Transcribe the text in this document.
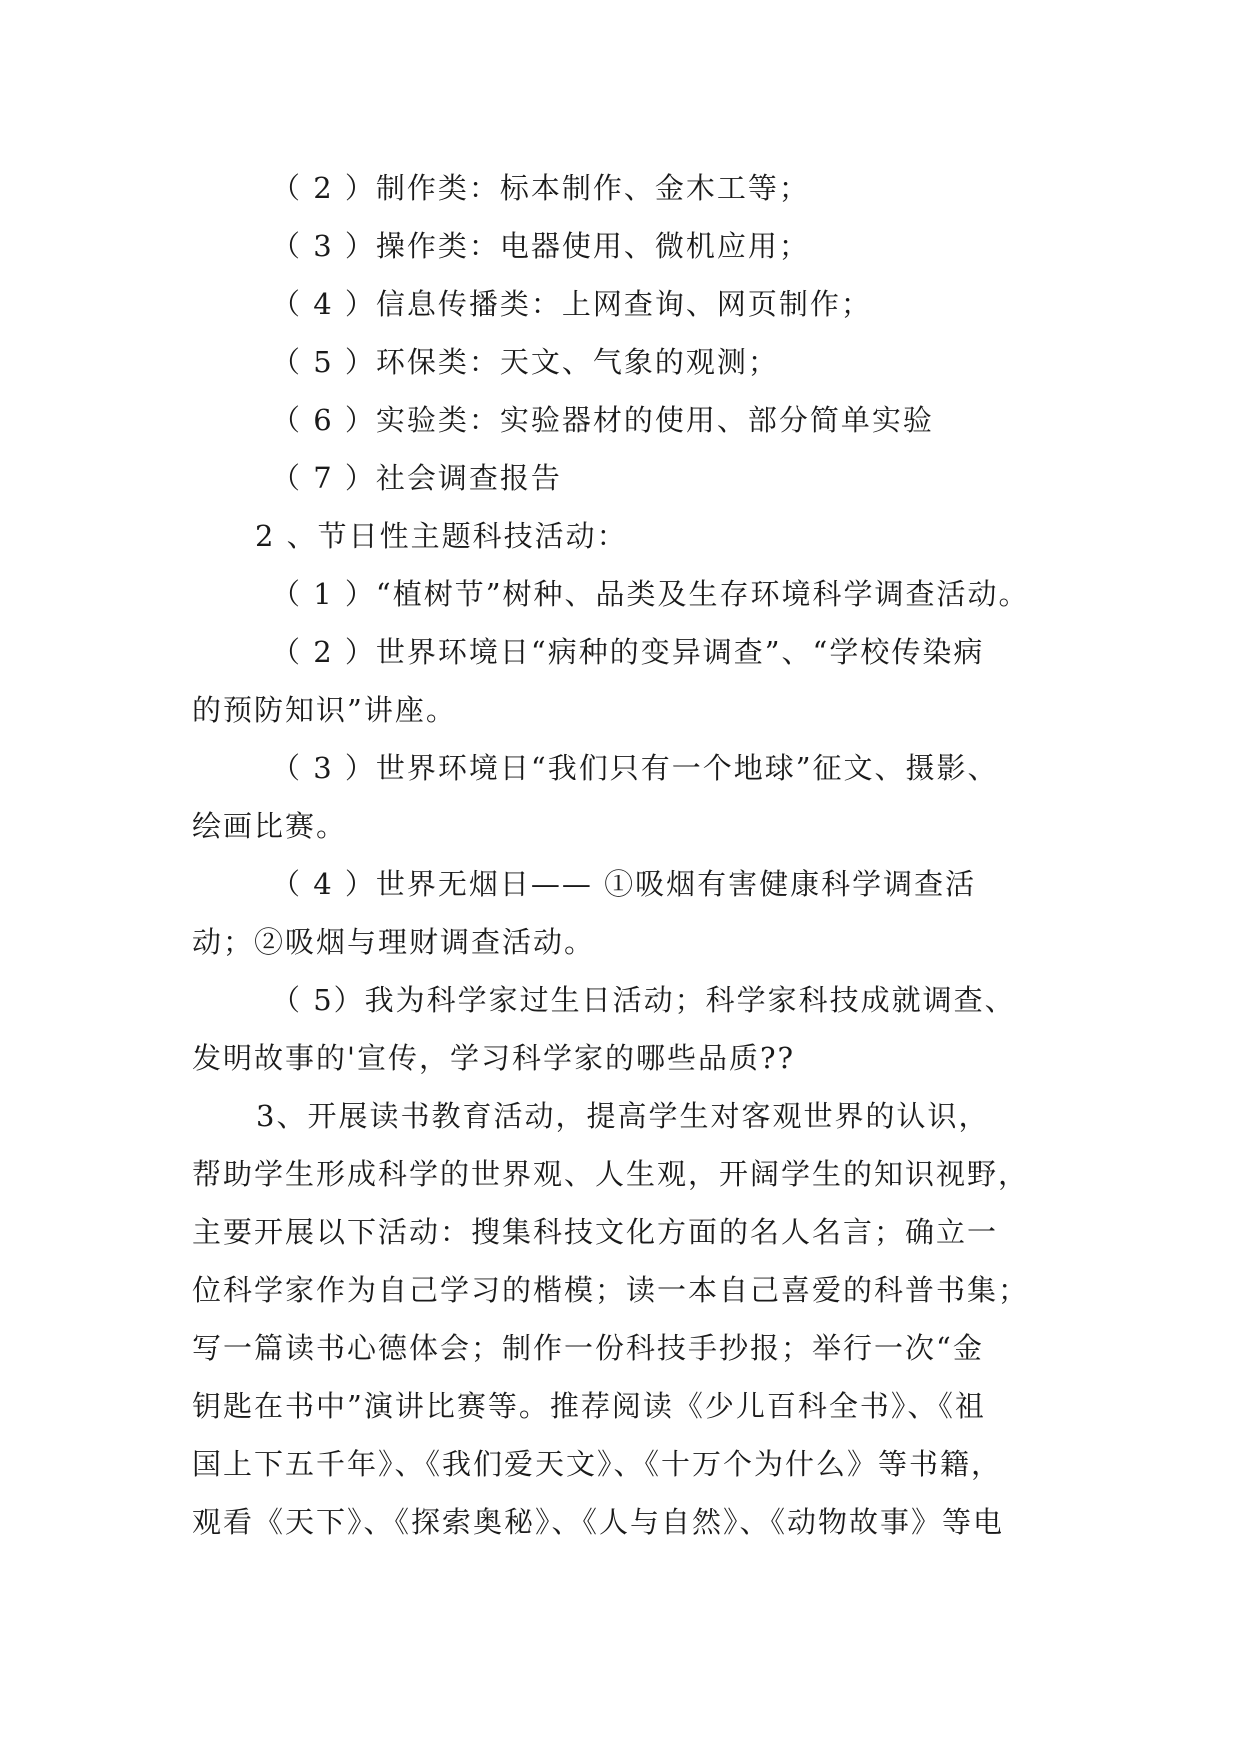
（ 2 ）制作类：标本制作、金木工等；
（ 3 ）操作类：电器使用、微机应用；
（ 4 ）信息传播类：上网查询、网页制作；
（ 5 ）环保类：天文、气象的观测；
（ 6 ）实验类：实验器材的使用、部分简单实验
（ 7 ）社会调查报告
2 、节日性主题科技活动：
（ 1 ）“植树节”树种、品类及生存环境科学调查活动。
（ 2 ）世界环境日“病种的变异调查”、“学校传染病
的预防知识”讲座。
（ 3 ）世界环境日“我们只有一个地球”征文、摄影、
绘画比赛。
（ 4 ）世界无烟日—— ①吸烟有害健康科学调查活
动；②吸烟与理财调查活动。
（ 5）我为科学家过生日活动；科学家科技成就调查、
发明故事的'宣传，学习科学家的哪些品质??
3、开展读书教育活动，提高学生对客观世界的认识，
帮助学生形成科学的世界观、人生观，开阔学生的知识视野，
主要开展以下活动：搜集科技文化方面的名人名言；确立一
位科学家作为自己学习的楷模；读一本自己喜爱的科普书集；
写一篇读书心德体会；制作一份科技手抄报；举行一次“金
钥匙在书中”演讲比赛等。推荐阅读《少儿百科全书》、《祖
国上下五千年》、《我们爱天文》、《十万个为什么》等书籍，
观看《天下》、《探索奥秘》、《人与自然》、《动物故事》等电
